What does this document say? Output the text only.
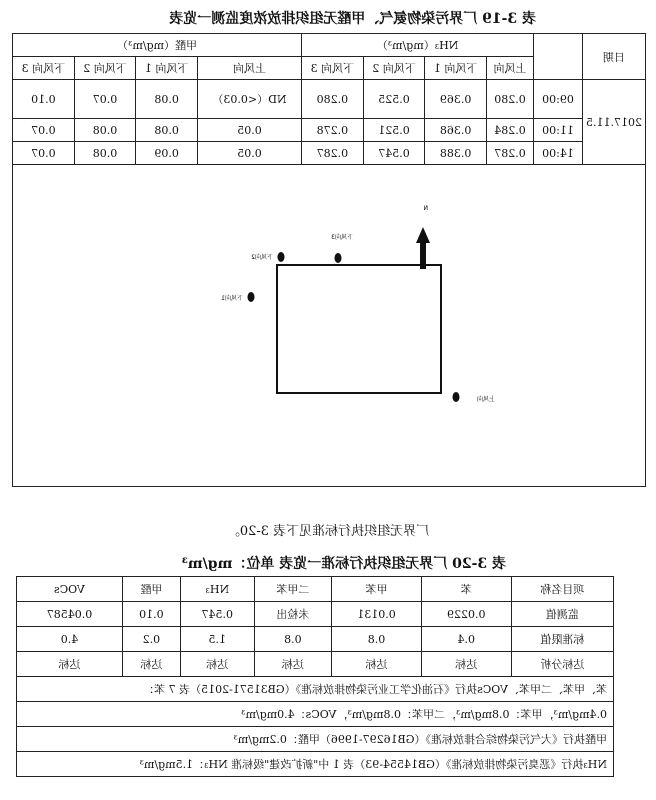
表 3-19 厂界污染物氨气、甲醛无组织排放浓度监测一览表
日期		NH₃（mg/m³）				甲醛（mg/m³）			
		上风向	下风向 1	下风向 2	下风向 3	上风向	下风向 1	下风向 2	下风向 3
2017.11.5	09:00	0.280	0.369	0.525	0.280	ND（<0.03）	0.08	0.07	0.10
	11:00	0.284	0.368	0.521	0.278	0.05	0.08	0.08	0.07
	14:00	0.287	0.388	0.547	0.287	0.05	0.09	0.08	0.07
N
下风向3
下风向2
下风向1
上风向
厂界无组织执行标准见下表 3-20。
表 3-20 厂界无组织执行标准一览表 单位：mg/m³
项目名称	苯	甲苯	二甲苯	NH₃	甲醛	VOCs
监测值	0.0229	0.0131	未检出	0.547	0.10	0.04587
标准限值	0.4	0.8	0.8	1.5	0.2	4.0
达标分析	达标	达标	达标	达标	达标	达标
苯、甲苯、二甲苯、VOCs执行《石油化学工业污染物排放标准》（GB31571-2015）表 7 苯：						
0.4mg/m³，甲苯：0.8mg/m³，二甲苯：0.8mg/m³，VOCs：4.0mg/m³						
甲醛执行《大气污染物综合排放标准》（GB16297-1996）甲醛：0.2mg/m³						
NH₃执行《恶臭污染物排放标准》（GB14554-93）表 1 中"新扩改建"级标准 NH₃：1.5mg/m³						
